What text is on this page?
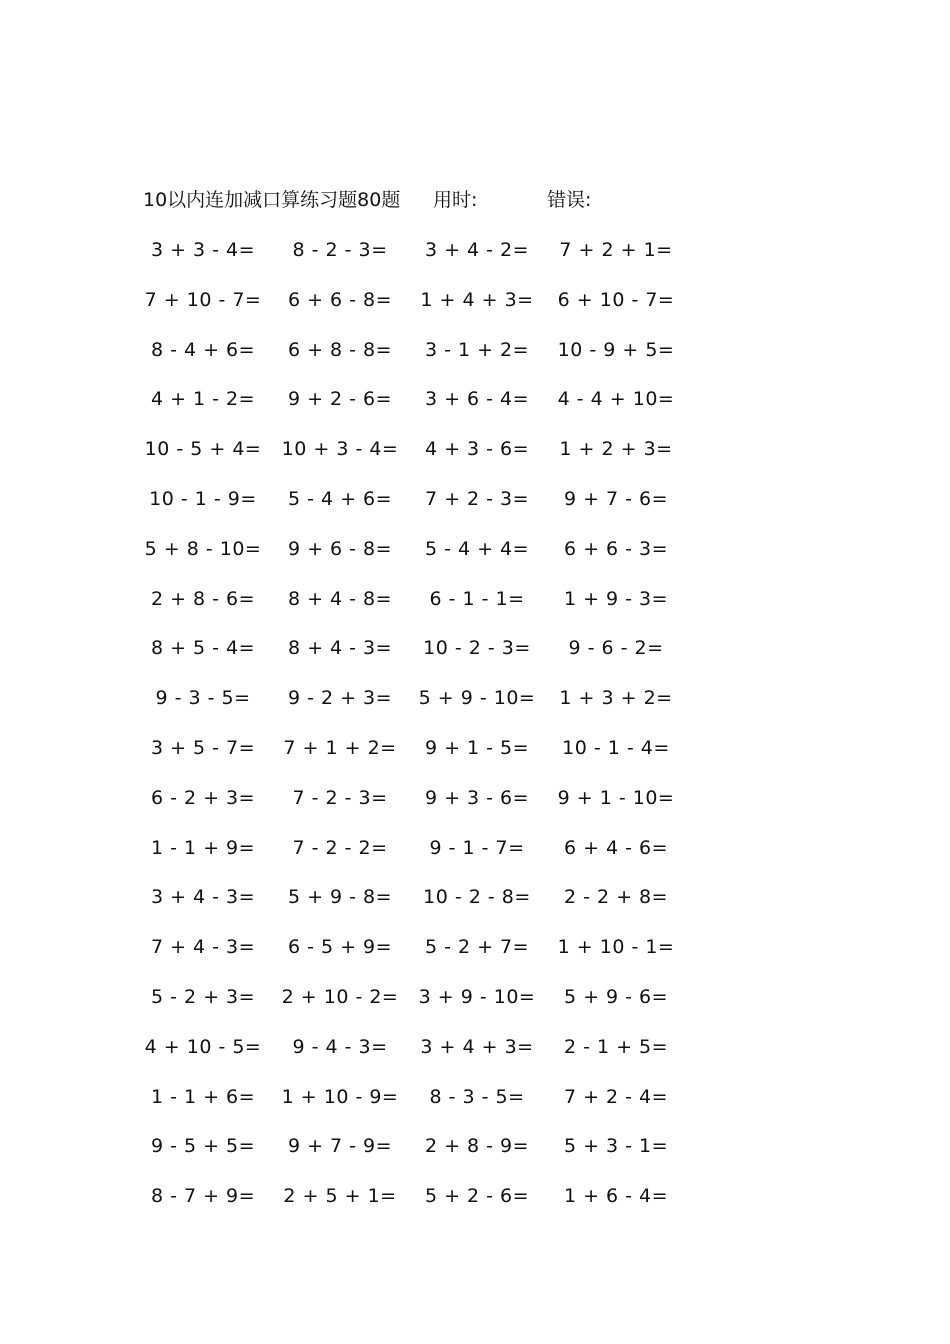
10以内连加减口算练习题80题 用时:	错误:
3 + 3 - 4= 8 - 2 - 3= 3 + 4 - 2= 7 + 2 + 1=
7 + 10 - 7= 6 + 6 - 8= 1 + 4 + 3= 6 + 10 - 7=
8 - 4 + 6= 6 + 8 - 8= 3 - 1 + 2= 10 - 9 + 5=
4 + 1 - 2= 9 + 2 - 6= 3 + 6 - 4= 4 - 4 + 10=
10 - 5 + 4= 10 + 3 - 4= 4 + 3 - 6= 1 + 2 + 3=
10 - 1 - 9= 5 - 4 + 6= 7 + 2 - 3= 9 + 7 - 6=
5 + 8 - 10= 9 + 6 - 8= 5 - 4 + 4= 6 + 6 - 3=
2 + 8 - 6= 8 + 4 - 8= 6 - 1 - 1= 1 + 9 - 3=
8 + 5 - 4= 8 + 4 - 3= 10 - 2 - 3= 9 - 6 - 2=
9 - 3 - 5= 9 - 2 + 3= 5 + 9 - 10= 1 + 3 + 2=
3 + 5 - 7= 7 + 1 + 2= 9 + 1 - 5= 10 - 1 - 4=
6 - 2 + 3= 7 - 2 - 3= 9 + 3 - 6= 9 + 1 - 10=
1 - 1 + 9= 7 - 2 - 2= 9 - 1 - 7= 6 + 4 - 6=
3 + 4 - 3= 5 + 9 - 8= 10 - 2 - 8= 2 - 2 + 8=
7 + 4 - 3= 6 - 5 + 9= 5 - 2 + 7= 1 + 10 - 1=
5 - 2 + 3= 2 + 10 - 2= 3 + 9 - 10= 5 + 9 - 6=
4 + 10 - 5= 9 - 4 - 3= 3 + 4 + 3= 2 - 1 + 5=
1 - 1 + 6= 1 + 10 - 9= 8 - 3 - 5= 7 + 2 - 4=
9 - 5 + 5= 9 + 7 - 9= 2 + 8 - 9= 5 + 3 - 1=
8 - 7 + 9= 2 + 5 + 1= 5 + 2 - 6= 1 + 6 - 4=
